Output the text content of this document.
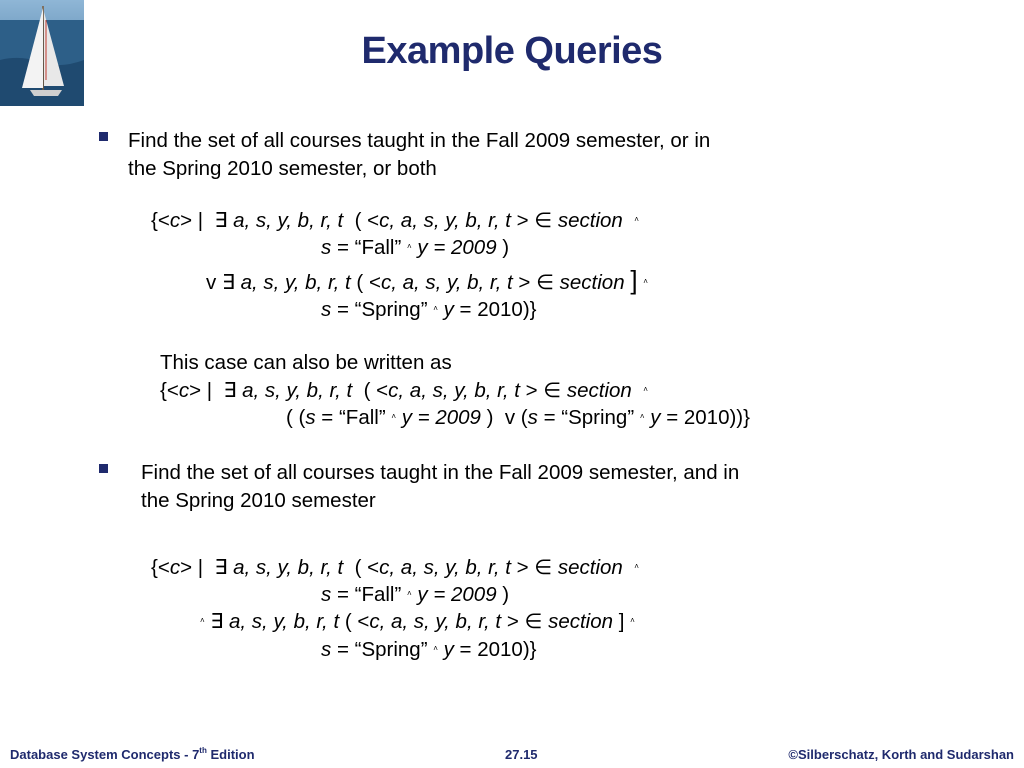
Example Queries
Find the set of all courses taught in the Fall 2009 semester, or in
the Spring 2010 semester, or both
{<c> |  ∃ a, s, y, b, r, t  ( <c, a, s, y, b, r, t > ∈ section ˄
s = “Fall” ˄ y = 2009 )
v ∃ a, s, y, b, r, t ( <c, a, s, y, b, r, t > ∈ section ] ˄
s = “Spring” ˄ y = 2010)}
This case can also be written as
{<c> |  ∃ a, s, y, b, r, t  ( <c, a, s, y, b, r, t > ∈ section ˄
( (s = “Fall” ˄ y = 2009 )  v (s = “Spring” ˄ y = 2010))}
Find the set of all courses taught in the Fall 2009 semester, and in
the Spring 2010 semester
{<c> |  ∃ a, s, y, b, r, t  ( <c, a, s, y, b, r, t > ∈ section ˄
s = “Fall” ˄ y = 2009 )
˄ ∃ a, s, y, b, r, t ( <c, a, s, y, b, r, t > ∈ section ] ˄
s = “Spring” ˄ y = 2010)}
Database System Concepts - 7th Edition	27.15	©Silberschatz, Korth and Sudarshan
